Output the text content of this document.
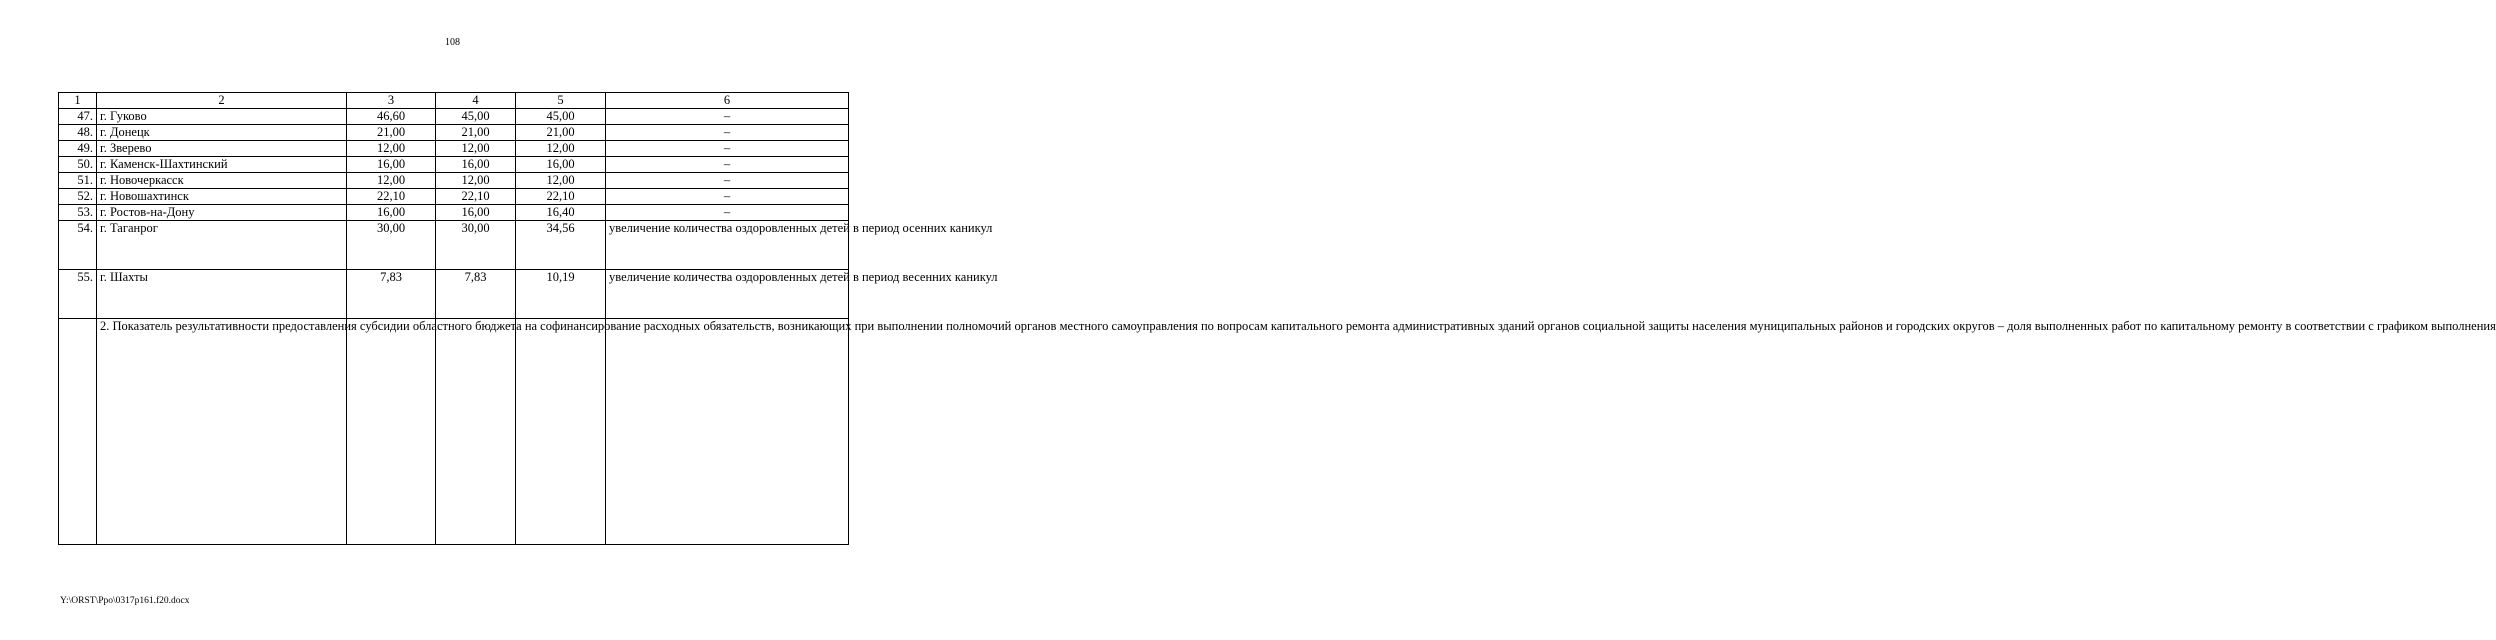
108
1	2	3	4	5	6
47.	г. Гуково	46,60	45,00	45,00	–
48.	г. Донецк	21,00	21,00	21,00	–
49.	г. Зверево	12,00	12,00	12,00	–
50.	г. Каменск-Шахтинский	16,00	16,00	16,00	–
51.	г. Новочеркасск	12,00	12,00	12,00	–
52.	г. Новошахтинск	22,10	22,10	22,10	–
53.	г. Ростов-на-Дону	16,00	16,00	16,40	–
54.	г. Таганрог	30,00	30,00	34,56	увеличение количества оздоровленных детей в период осенних каникул
55.	г. Шахты	7,83	7,83	10,19	увеличение количества оздоровленных детей в период весенних каникул
	2. Показатель результативности предоставления субсидии областного бюджета на софинансирование расходных обязательств, возникающих при выполнении полномочий органов местного самоуправления по вопросам капитального ремонта административных зданий органов социальной защиты населения муниципальных районов и городских округов – доля выполненных работ по капитальному ремонту в соответствии с графиком выполнения				
Y:\ORST\Ppo\0317p161.f20.docx
